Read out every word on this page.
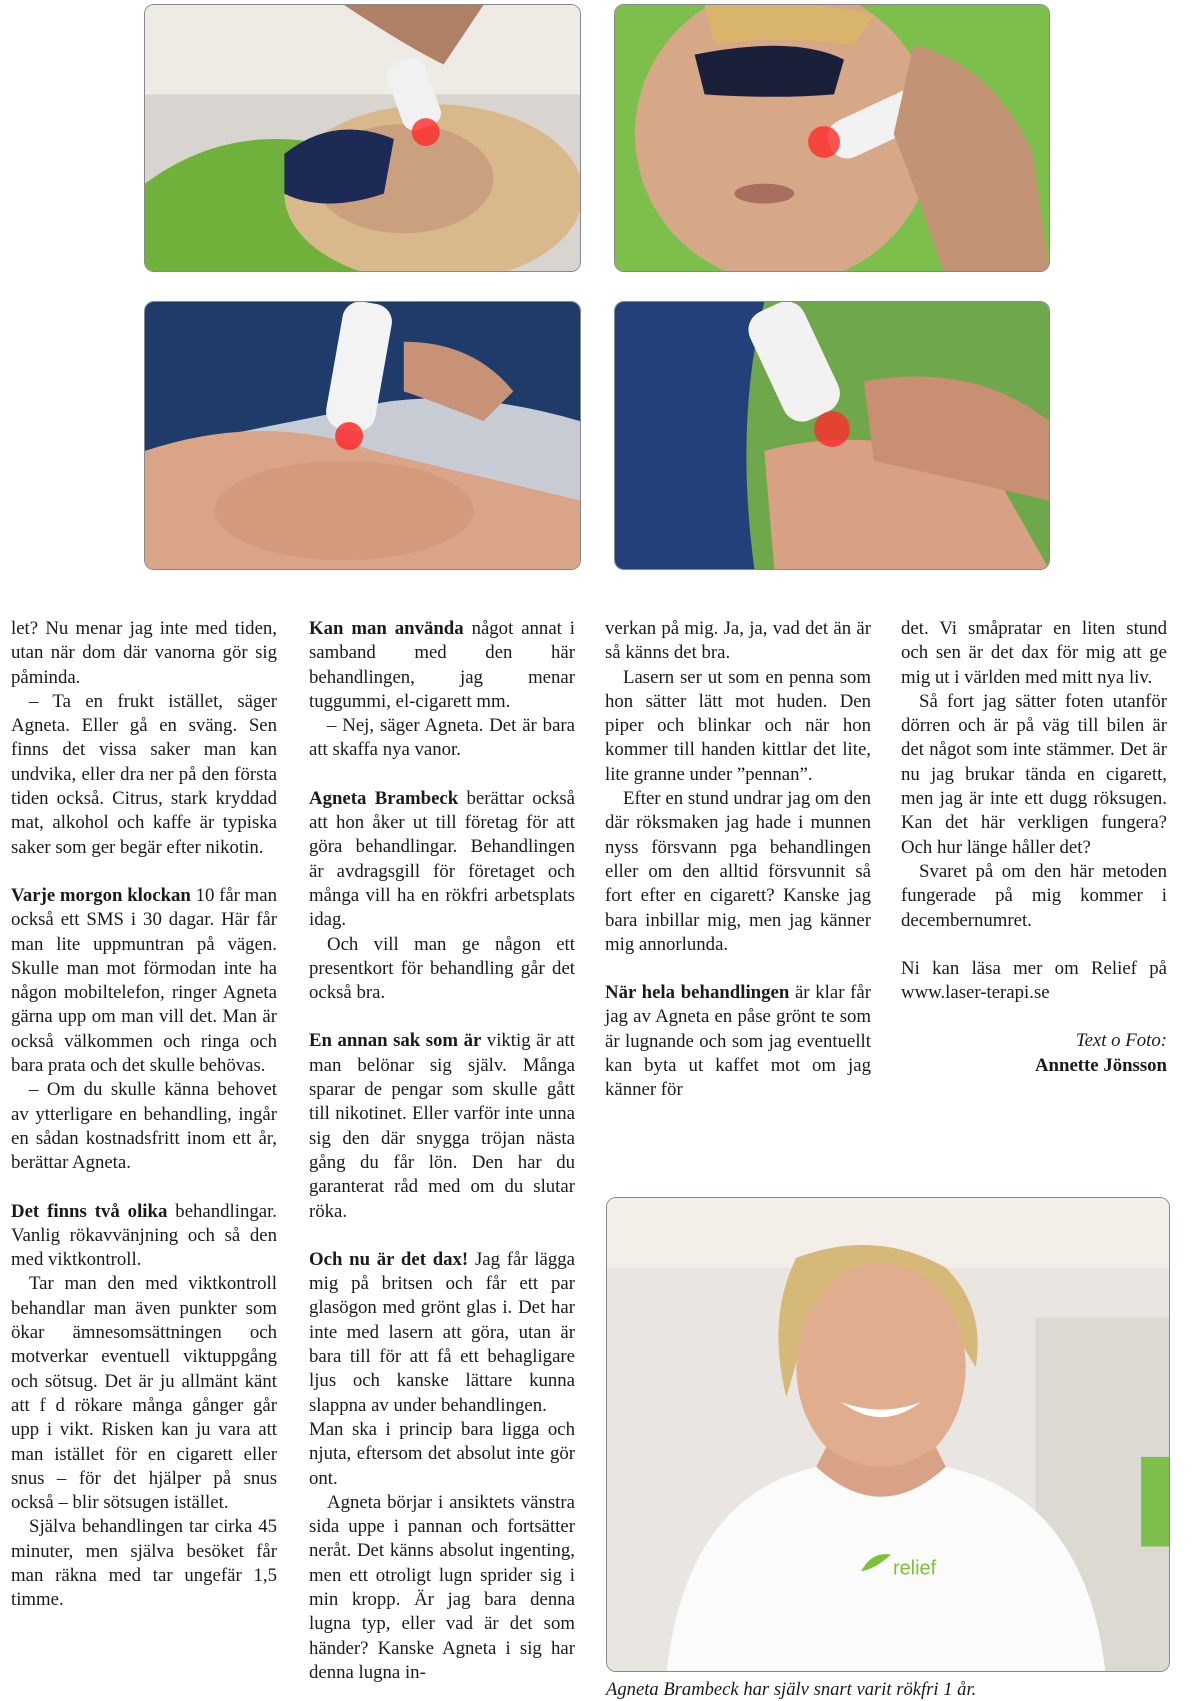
let? Nu menar jag inte med tiden, utan när dom där vanorna gör sig påminda.

– Ta en frukt istället, säger Agneta. Eller gå en sväng. Sen finns det vissa saker man kan undvika, eller dra ner på den första tiden också. Citrus, stark kryddad mat, alkohol och kaffe är typiska saker som ger begär efter nikotin.

Varje morgon klockan 10 får man också ett SMS i 30 dagar. Här får man lite uppmuntran på vägen. Skulle man mot förmodan inte ha någon mobiltelefon, ringer Agneta gärna upp om man vill det. Man är också välkommen och ringa och bara prata och det skulle behövas.

– Om du skulle känna behovet av ytterligare en behandling, ingår en sådan kostnadsfritt inom ett år, berättar Agneta.

Det finns två olika behandlingar. Vanlig rökavvänjning och så den med viktkontroll.

Tar man den med viktkontroll behandlar man även punkter som ökar ämnesomsättningen och motverkar eventuell viktuppgång och sötsug. Det är ju allmänt känt att f d rökare många gånger går upp i vikt. Risken kan ju vara att man istället för en cigarett eller snus – för det hjälper på snus också – blir sötsugen istället.

Själva behandlingen tar cirka 45 minuter, men själva besöket får man räkna med tar ungefär 1,5 timme.

Kan man använda något annat i samband med den här behandlingen, jag menar tuggummi, el-cigarett mm.

– Nej, säger Agneta. Det är bara att skaffa nya vanor.

Agneta Brambeck berättar också att hon åker ut till företag för att göra behandlingar. Behandlingen är avdragsgill för företaget och många vill ha en rökfri arbetsplats idag.

Och vill man ge någon ett presentkort för behandling går det också bra.

En annan sak som är viktig är att man belönar sig själv. Många sparar de pengar som skulle gått till nikotinet. Eller varför inte unna sig den där snygga tröjan nästa gång du får lön. Den har du garanterat råd med om du slutar röka.

Och nu är det dax! Jag får lägga mig på britsen och får ett par glasögon med grönt glas i. Det har inte med lasern att göra, utan är bara till för att få ett behagligare ljus och kanske lättare kunna slappna av under behandlingen.

Man ska i princip bara ligga och njuta, eftersom det absolut inte gör ont.

Agneta börjar i ansiktets vänstra sida uppe i pannan och fortsätter neråt. Det känns absolut ingenting, men ett otroligt lugn sprider sig i min kropp. Är jag bara denna lugna typ, eller vad är det som händer? Kanske Agneta i sig har denna lugna in-

verkan på mig. Ja, ja, vad det än är så känns det bra.

Lasern ser ut som en penna som hon sätter lätt mot huden. Den piper och blinkar och när hon kommer till handen kittlar det lite, lite granne under ”pennan”.

Efter en stund undrar jag om den där röksmaken jag hade i munnen nyss försvann pga behandlingen eller om den alltid försvunnit så fort efter en cigarett? Kanske jag bara inbillar mig, men jag känner mig annorlunda.

När hela behandlingen är klar får jag av Agneta en påse grönt te som är lugnande och som jag eventuellt kan byta ut kaffet mot om jag känner för

det. Vi småpratar en liten stund och sen är det dax för mig att ge mig ut i världen med mitt nya liv.

Så fort jag sätter foten utanför dörren och är på väg till bilen är det något som inte stämmer. Det är nu jag brukar tända en cigarett, men jag är inte ett dugg röksugen. Kan det här verkligen fungera? Och hur länge håller det?

Svaret på om den här metoden fungerade på mig kommer i decembernumret.

Ni kan läsa mer om Relief på www.laser-terapi.se

Text o Foto:
Annette Jönsson
relief
Agneta Brambeck har själv snart varit rökfri 1 år.
